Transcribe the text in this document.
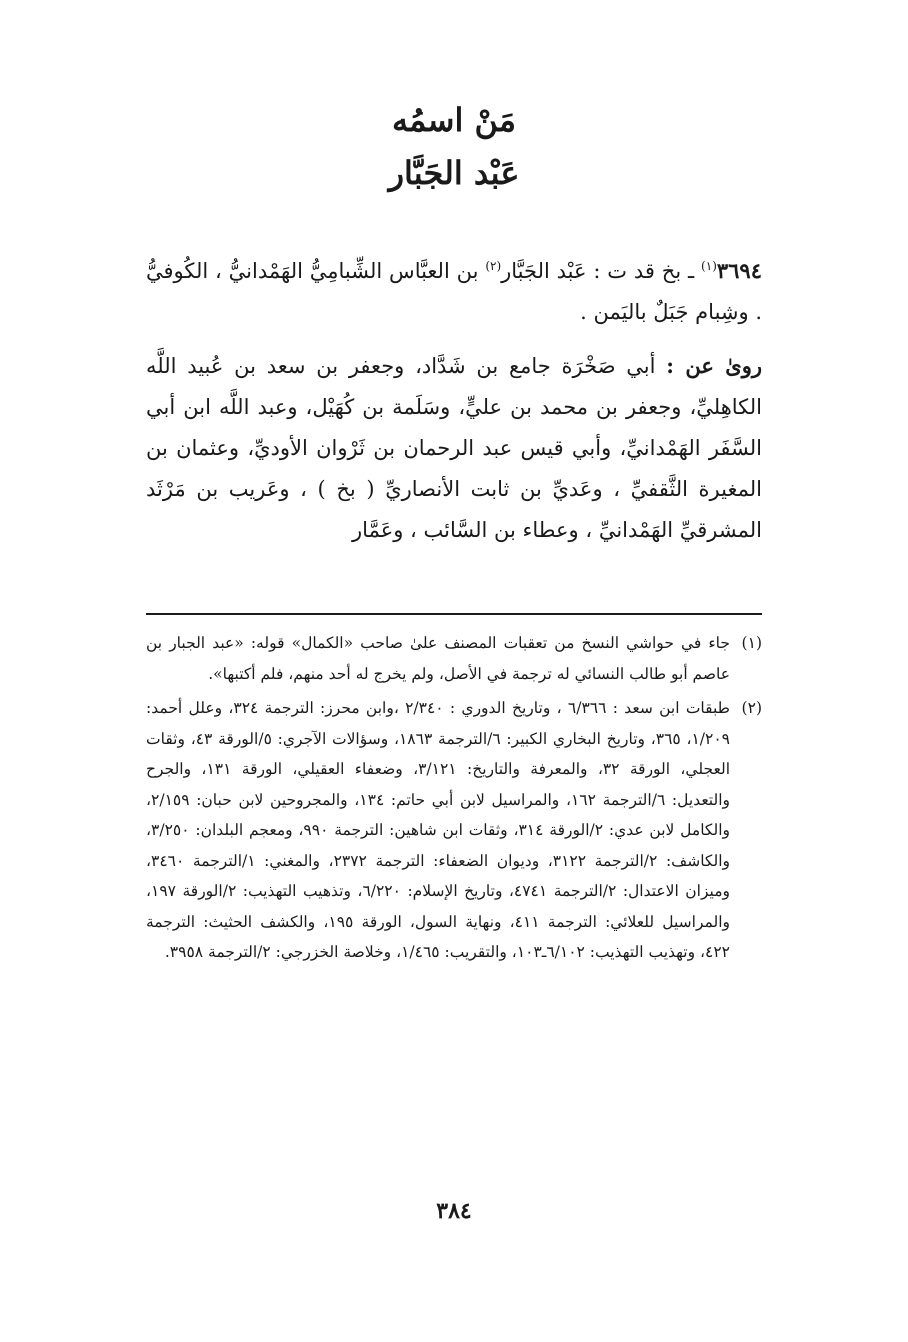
مَنْ اسمُه
عَبْد الجَبَّار

٣٦٩٤$^{(١)}$ ـ بخ قد ت : عَبْد الجَبَّار$^{(٢)}$ بن العبَّاس الشِّبامِيُّ الهَمْدانيُّ ، الكُوفيُّ . وشِبام جَبَلٌ باليَمن .

روىٰ عن : أبي صَخْرَة جامع بن شَدَّاد، وجعفر بن سعد بن عُبيد اللَّه الكاهِليِّ، وجعفر بن محمد بن عليٍّ، وسَلَمة بن كُهَيْل، وعبد اللَّه ابن أبي السَّفَر الهَمْدانيِّ، وأبي قيس عبد الرحمان بن ثَرْوان الأوديِّ، وعثمان بن المغيرة الثَّقفيِّ ، وعَديِّ بن ثابت الأنصاريِّ ( بخ ) ، وعَريب بن مَرْثَد المشرقيِّ الهَمْدانيِّ ، وعطاء بن السَّائب ، وعَمَّار

(١)
جاء في حواشي النسخ من تعقبات المصنف علىٰ صاحب «الكمال» قوله: «عبد الجبار بن عاصم أبو طالب النسائي له ترجمة في الأصل، ولم يخرج له أحد منهم، فلم أكتبها».
(٢)
طبقات ابن سعد : ٦/٣٦٦ ، وتاريخ الدوري : ٢/٣٤٠ ،وابن محرز: الترجمة ٣٢٤، وعلل أحمد: ١/٢٠٩، ٣٦٥، وتاريخ البخاري الكبير: ٦/الترجمة ١٨٦٣، وسؤالات الآجري: ٥/الورقة ٤٣، وثقات العجلي، الورقة ٣٢، والمعرفة والتاريخ: ٣/١٢١، وضعفاء العقيلي، الورقة ١٣١، والجرح والتعديل: ٦/الترجمة ١٦٢، والمراسيل لابن أبي حاتم: ١٣٤، والمجروحين لابن حبان: ٢/١٥٩، والكامل لابن عدي: ٢/الورقة ٣١٤، وثقات ابن شاهين: الترجمة ٩٩٠، ومعجم البلدان: ٣/٢٥٠، والكاشف: ٢/الترجمة ٣١٢٢، وديوان الضعفاء: الترجمة ٢٣٧٢، والمغني: ١/الترجمة ٣٤٦٠، وميزان الاعتدال: ٢/الترجمة ٤٧٤١، وتاريخ الإسلام: ٦/٢٢٠، وتذهيب التهذيب: ٢/الورقة ١٩٧، والمراسيل للعلائي: الترجمة ٤١١، ونهاية السول، الورقة ١٩٥، والكشف الحثيث: الترجمة ٤٢٢، وتهذيب التهذيب: ٦/١٠٢ـ١٠٣، والتقريب: ١/٤٦٥، وخلاصة الخزرجي: ٢/الترجمة ٣٩٥٨.
٣٨٤
